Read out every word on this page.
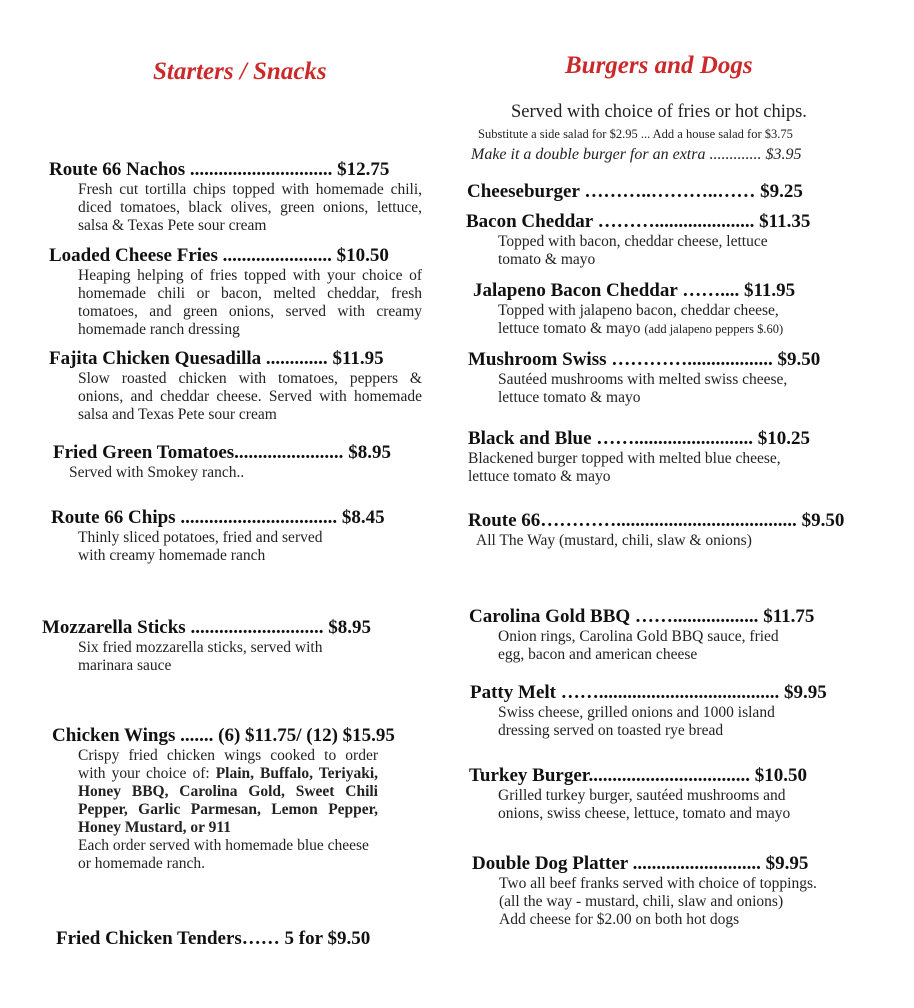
Starters / Snacks
Route 66 Nachos .............................. $12.75
Fresh cut tortilla chips topped with homemade chili, diced tomatoes, black olives, green onions, lettuce, salsa & Texas Pete sour cream
Loaded Cheese Fries ....................... $10.50
Heaping helping of fries topped with your choice of homemade chili or bacon, melted cheddar, fresh tomatoes, and green onions, served with creamy homemade ranch dressing
Fajita Chicken Quesadilla ............. $11.95
Slow roasted chicken with tomatoes, peppers & onions, and cheddar cheese. Served with homemade salsa and Texas Pete sour cream
Fried Green Tomatoes....................... $8.95
Served with Smokey ranch..
Route 66 Chips ................................. $8.45

Thinly sliced potatoes, fried and served

with creamy homemade ranch

Mozzarella Sticks ............................ $8.95

Six fried mozzarella sticks, served with

marinara sauce

Chicken Wings ....... (6) $11.75/ (12) $15.95
Crispy fried chicken wings cooked to order with your choice of: Plain, Buffalo, Teriyaki, Honey BBQ, Carolina Gold, Sweet Chili Pepper, Garlic Parmesan, Lemon Pepper, Honey Mustard, or 911
Each order served with homemade blue cheese or homemade ranch.
Fried Chicken Tenders…… 5 for $9.50
Burgers and Dogs
Served with choice of fries or hot chips.
Substitute a side salad for $2.95 ... Add a house salad for $3.75
Make it a double burger for an extra ............. $3.95
Cheeseburger ………..………..…… $9.25
Bacon Cheddar ………..................... $11.35

Topped with bacon, cheddar cheese, lettuce

tomato & mayo

Jalapeno Bacon Cheddar …….... $11.95

Topped with jalapeno bacon, cheddar cheese,

lettuce tomato & mayo (add jalapeno peppers $.60)

Mushroom Swiss ………….................. $9.50

Sautéed mushrooms with melted swiss cheese,

lettuce tomato & mayo

Black and Blue ……......................... $10.25

Blackened burger topped with melted blue cheese,

lettuce tomato & mayo

Route 66…………...................................... $9.50
All The Way (mustard, chili, slaw & onions)
Carolina Gold BBQ …….................. $11.75

Onion rings, Carolina Gold BBQ sauce, fried

egg, bacon and american cheese

Patty Melt ……...................................... $9.95

Swiss cheese, grilled onions and 1000 island

dressing served on toasted rye bread

Turkey Burger.................................. $10.50

Grilled turkey burger, sautéed mushrooms and

onions, swiss cheese, lettuce, tomato and mayo

Double Dog Platter ........................... $9.95

Two all beef franks served with choice of toppings.

(all the way - mustard, chili, slaw and onions)

Add cheese for $2.00 on both hot dogs
